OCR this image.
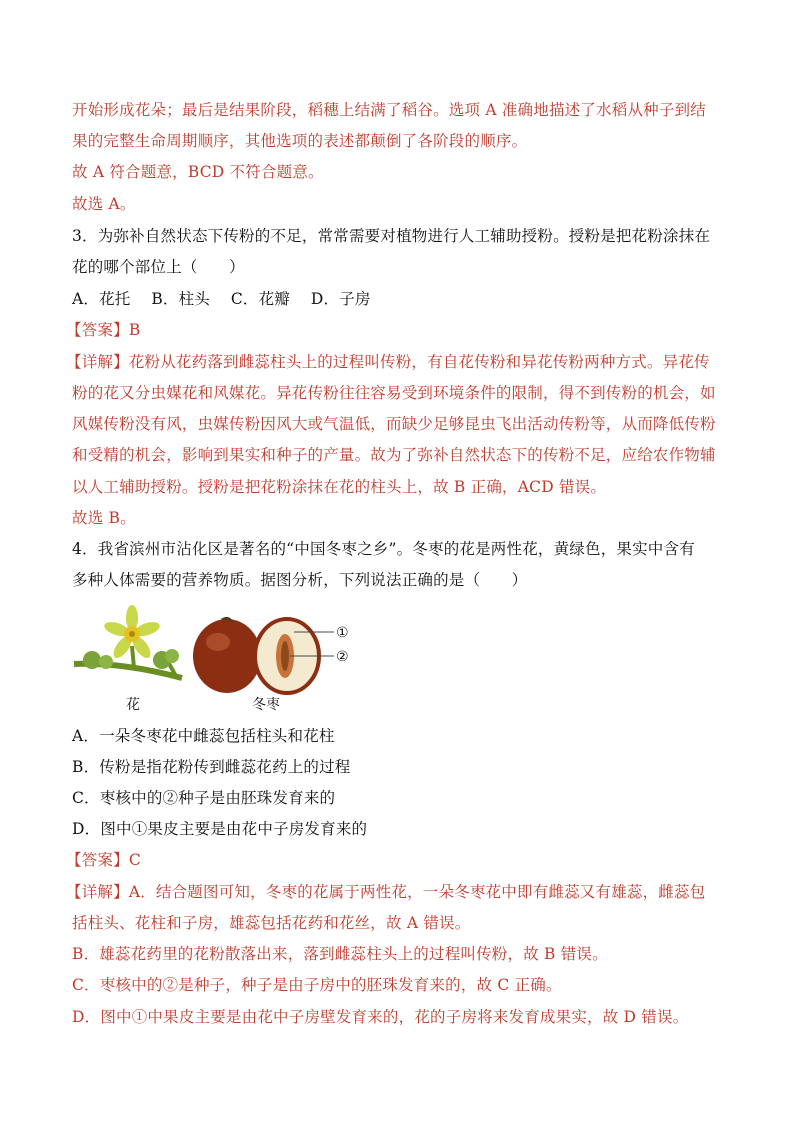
开始形成花朵；最后是结果阶段，稻穗上结满了稻谷。选项 A 准确地描述了水稻从种子到结
果的完整生命周期顺序，其他选项的表述都颠倒了各阶段的顺序。
故 A 符合题意，BCD 不符合题意。
故选 A。
3．为弥补自然状态下传粉的不足，常常需要对植物进行人工辅助授粉。授粉是把花粉涂抹在
花的哪个部位上（　　）
A．花托　 B．柱头　 C．花瓣　 D．子房
【答案】B
【详解】花粉从花药落到雌蕊柱头上的过程叫传粉，有自花传粉和异花传粉两种方式。异花传
粉的花又分虫媒花和风媒花。异花传粉往往容易受到环境条件的限制，得不到传粉的机会，如
风媒传粉没有风，虫媒传粉因风大或气温低，而缺少足够昆虫飞出活动传粉等，从而降低传粉
和受精的机会，影响到果实和种子的产量。故为了弥补自然状态下的传粉不足，应给农作物辅
以人工辅助授粉。授粉是把花粉涂抹在花的柱头上，故 B 正确，ACD 错误。
故选 B。
4．我省滨州市沾化区是著名的“中国冬枣之乡”。冬枣的花是两性花，黄绿色，果实中含有
多种人体需要的营养物质。据图分析，下列说法正确的是（　　）
①
②
花	冬枣
A．一朵冬枣花中雌蕊包括柱头和花柱
B．传粉是指花粉传到雌蕊花药上的过程
C．枣核中的②种子是由胚珠发育来的
D．图中①果皮主要是由花中子房发育来的
【答案】C
【详解】A．结合题图可知，冬枣的花属于两性花，一朵冬枣花中即有雌蕊又有雄蕊，雌蕊包
括柱头、花柱和子房，雄蕊包括花药和花丝，故 A 错误。
B．雄蕊花药里的花粉散落出来，落到雌蕊柱头上的过程叫传粉，故 B 错误。
C．枣核中的②是种子，种子是由子房中的胚珠发育来的，故 C 正确。
D．图中①中果皮主要是由花中子房壁发育来的，花的子房将来发育成果实，故 D 错误。
